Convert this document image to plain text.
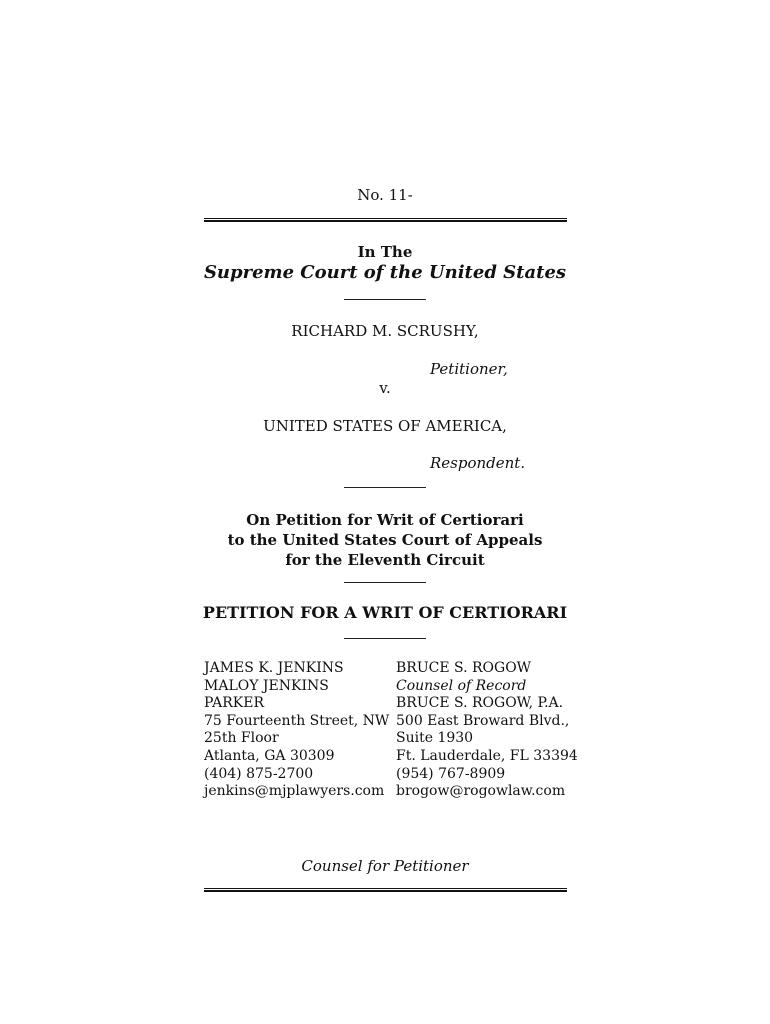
No. 11-
In The
Supreme Court of the United States
RICHARD M. SCRUSHY,
Petitioner,
v.
UNITED STATES OF AMERICA,
Respondent.
On Petition for Writ of Certiorari
to the United States Court of Appeals
for the Eleventh Circuit
PETITION FOR A WRIT OF CERTIORARI
JAMES K. JENKINS
MALOY JENKINS
PARKER
75 Fourteenth Street, NW
25th Floor
Atlanta, GA 30309
(404) 875-2700
jenkins@mjplawyers.com
BRUCE S. ROGOW
Counsel of Record
BRUCE S. ROGOW, P.A.
500 East Broward Blvd.,
Suite 1930
Ft. Lauderdale, FL 33394
(954) 767-8909
brogow@rogowlaw.com
Counsel for Petitioner
